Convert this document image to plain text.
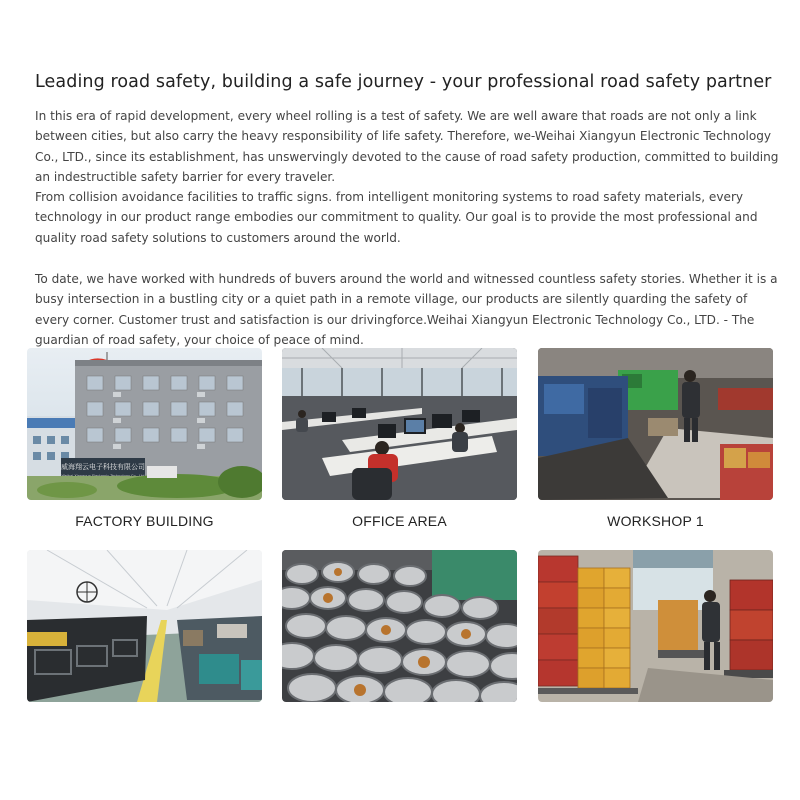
Leading road safety, building a safe journey - your professional road safety partner

In this era of rapid development, every wheel rolling is a test of safety. We are well aware that roads are not only a link between cities, but also carry the heavy responsibility of life safety. Therefore, we-Weihai Xiangyun Electronic Technology Co., LTD., since its establishment, has unswervingly devoted to the cause of road safety production, committed to building an indestructible safety barrier for every traveler.

From collision avoidance facilities to traffic signs. from intelligent monitoring systems to road safety materials, every technology in our product range embodies our commitment to quality. Our goal is to provide the most professional and quality road safety solutions to customers around the world.

To date, we have worked with hundreds of buvers around the world and witnessed countless safety stories. Whether it is a busy intersection in a bustling city or a quiet path in a remote village, our products are silently quarding the safety of every corner. Customer trust and satisfaction is our drivingforce.Weihai Xiangyun Electronic Technology Co., LTD. - The guardian of road safety, your choice of peace of mind.

威海翔云电子科技有限公司
FACTORY BUILDING	OFFICE AREA	WORKSHOP 1
